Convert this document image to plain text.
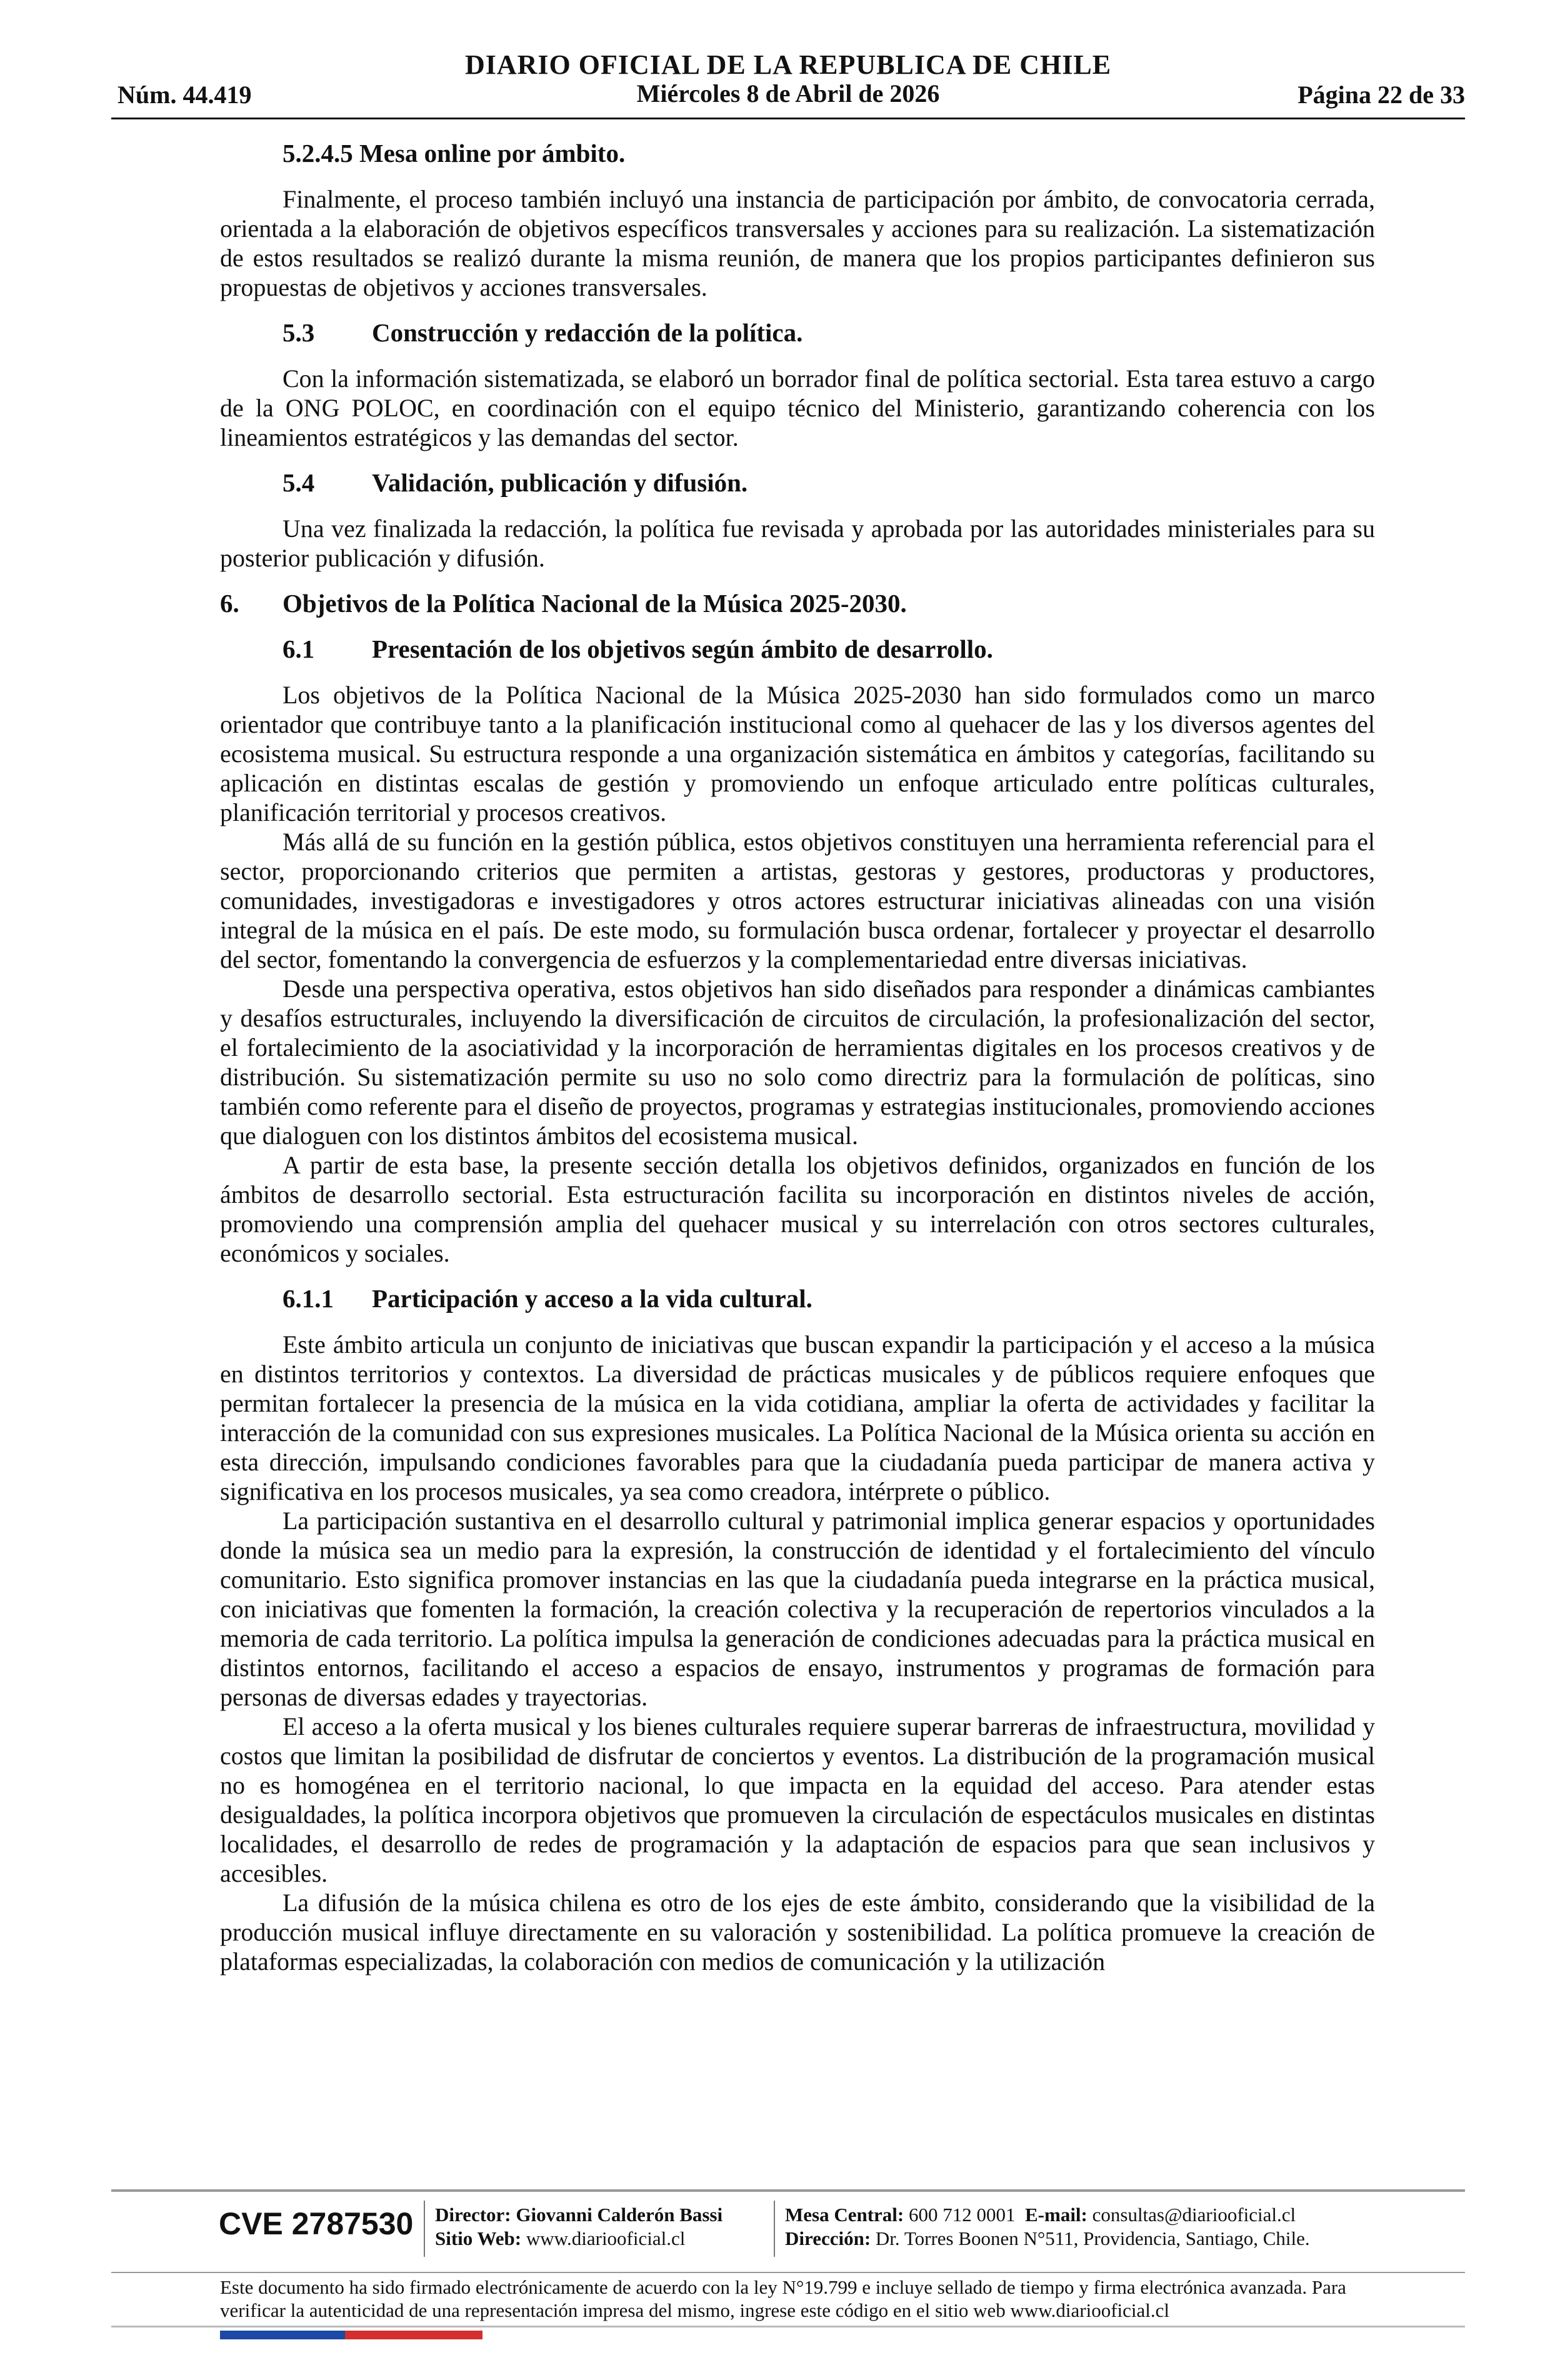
DIARIO OFICIAL DE LA REPUBLICA DE CHILE
Núm. 44.419	Miércoles 8 de Abril de 2026	Página 22 de 33
5.2.4.5 Mesa online por ámbito.

Finalmente, el proceso también incluyó una instancia de participación por ámbito, de convocatoria cerrada, orientada a la elaboración de objetivos específicos transversales y acciones para su realización. La sistematización de estos resultados se realizó durante la misma reunión, de manera que los propios participantes definieron sus propuestas de objetivos y acciones transversales.

5.3	Construcción y redacción de la política.

Con la información sistematizada, se elaboró un borrador final de política sectorial. Esta tarea estuvo a cargo de la ONG POLOC, en coordinación con el equipo técnico del Ministerio, garantizando coherencia con los lineamientos estratégicos y las demandas del sector.

5.4	Validación, publicación y difusión.

Una vez finalizada la redacción, la política fue revisada y aprobada por las autoridades ministeriales para su posterior publicación y difusión.

6.	Objetivos de la Política Nacional de la Música 2025-2030.
6.1	Presentación de los objetivos según ámbito de desarrollo.

Los objetivos de la Política Nacional de la Música 2025-2030 han sido formulados como un marco orientador que contribuye tanto a la planificación institucional como al quehacer de las y los diversos agentes del ecosistema musical. Su estructura responde a una organización sistemática en ámbitos y categorías, facilitando su aplicación en distintas escalas de gestión y promoviendo un enfoque articulado entre políticas culturales, planificación territorial y procesos creativos.

Más allá de su función en la gestión pública, estos objetivos constituyen una herramienta referencial para el sector, proporcionando criterios que permiten a artistas, gestoras y gestores, productoras y productores, comunidades, investigadoras e investigadores y otros actores estructurar iniciativas alineadas con una visión integral de la música en el país. De este modo, su formulación busca ordenar, fortalecer y proyectar el desarrollo del sector, fomentando la convergencia de esfuerzos y la complementariedad entre diversas iniciativas.

Desde una perspectiva operativa, estos objetivos han sido diseñados para responder a dinámicas cambiantes y desafíos estructurales, incluyendo la diversificación de circuitos de circulación, la profesionalización del sector, el fortalecimiento de la asociatividad y la incorporación de herramientas digitales en los procesos creativos y de distribución. Su sistematización permite su uso no solo como directriz para la formulación de políticas, sino también como referente para el diseño de proyectos, programas y estrategias institucionales, promoviendo acciones que dialoguen con los distintos ámbitos del ecosistema musical.

A partir de esta base, la presente sección detalla los objetivos definidos, organizados en función de los ámbitos de desarrollo sectorial. Esta estructuración facilita su incorporación en distintos niveles de acción, promoviendo una comprensión amplia del quehacer musical y su interrelación con otros sectores culturales, económicos y sociales.

6.1.1	Participación y acceso a la vida cultural.

Este ámbito articula un conjunto de iniciativas que buscan expandir la participación y el acceso a la música en distintos territorios y contextos. La diversidad de prácticas musicales y de públicos requiere enfoques que permitan fortalecer la presencia de la música en la vida cotidiana, ampliar la oferta de actividades y facilitar la interacción de la comunidad con sus expresiones musicales. La Política Nacional de la Música orienta su acción en esta dirección, impulsando condiciones favorables para que la ciudadanía pueda participar de manera activa y significativa en los procesos musicales, ya sea como creadora, intérprete o público.

La participación sustantiva en el desarrollo cultural y patrimonial implica generar espacios y oportunidades donde la música sea un medio para la expresión, la construcción de identidad y el fortalecimiento del vínculo comunitario. Esto significa promover instancias en las que la ciudadanía pueda integrarse en la práctica musical, con iniciativas que fomenten la formación, la creación colectiva y la recuperación de repertorios vinculados a la memoria de cada territorio. La política impulsa la generación de condiciones adecuadas para la práctica musical en distintos entornos, facilitando el acceso a espacios de ensayo, instrumentos y programas de formación para personas de diversas edades y trayectorias.

El acceso a la oferta musical y los bienes culturales requiere superar barreras de infraestructura, movilidad y costos que limitan la posibilidad de disfrutar de conciertos y eventos. La distribución de la programación musical no es homogénea en el territorio nacional, lo que impacta en la equidad del acceso. Para atender estas desigualdades, la política incorpora objetivos que promueven la circulación de espectáculos musicales en distintas localidades, el desarrollo de redes de programación y la adaptación de espacios para que sean inclusivos y accesibles.

La difusión de la música chilena es otro de los ejes de este ámbito, considerando que la visibilidad de la producción musical influye directamente en su valoración y sostenibilidad. La política promueve la creación de plataformas especializadas, la colaboración con medios de comunicación y la utilización

CVE 2787530 Director: Giovanni Calderón Bassi
Sitio Web: www.diariooficial.cl
Mesa Central: 600 712 0001 E-mail: consultas@diariooficial.cl
Dirección: Dr. Torres Boonen N°511, Providencia, Santiago, Chile.
Este documento ha sido firmado electrónicamente de acuerdo con la ley N°19.799 e incluye sellado de tiempo y firma electrónica avanzada. Para verificar la autenticidad de una representación impresa del mismo, ingrese este código en el sitio web www.diariooficial.cl
